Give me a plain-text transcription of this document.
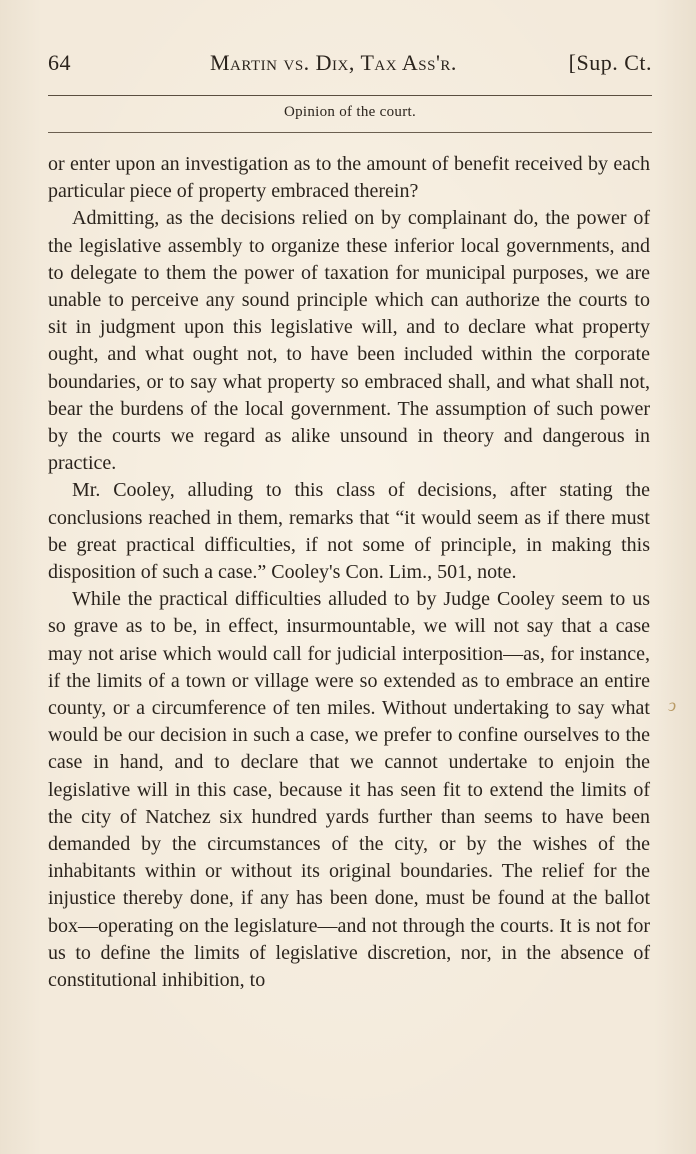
64	Martin vs. Dix, Tax Ass'r.	[Sup. Ct.
Opinion of the court.

or enter upon an investigation as to the amount of benefit received by each particular piece of property embraced therein?

Admitting, as the decisions relied on by complainant do, the power of the legislative assembly to organize these inferior local governments, and to delegate to them the power of taxation for municipal purposes, we are unable to perceive any sound principle which can authorize the courts to sit in judgment upon this legislative will, and to declare what property ought, and what ought not, to have been included within the corporate boundaries, or to say what property so embraced shall, and what shall not, bear the burdens of the local government. The assumption of such power by the courts we regard as alike unsound in theory and dangerous in practice.

Mr. Cooley, alluding to this class of decisions, after stating the conclusions reached in them, remarks that “it would seem as if there must be great practical difficulties, if not some of principle, in making this disposition of such a case.” Cooley's Con. Lim., 501, note.

While the practical difficulties alluded to by Judge Cooley seem to us so grave as to be, in effect, insurmountable, we will not say that a case may not arise which would call for judicial interposition—as, for instance, if the limits of a town or village were so extended as to embrace an entire county, or a circumference of ten miles. Without undertaking to say what would be our decision in such a case, we prefer to confine ourselves to the case in hand, and to declare that we cannot undertake to enjoin the legislative will in this case, because it has seen fit to extend the limits of the city of Natchez six hundred yards further than seems to have been demanded by the circumstances of the city, or by the wishes of the inhabitants within or without its original boundaries. The relief for the injustice thereby done, if any has been done, must be found at the ballot box—operating on the legislature—and not through the courts. It is not for us to define the limits of legislative discretion, nor, in the absence of constitutional inhibition, to

ↄ
